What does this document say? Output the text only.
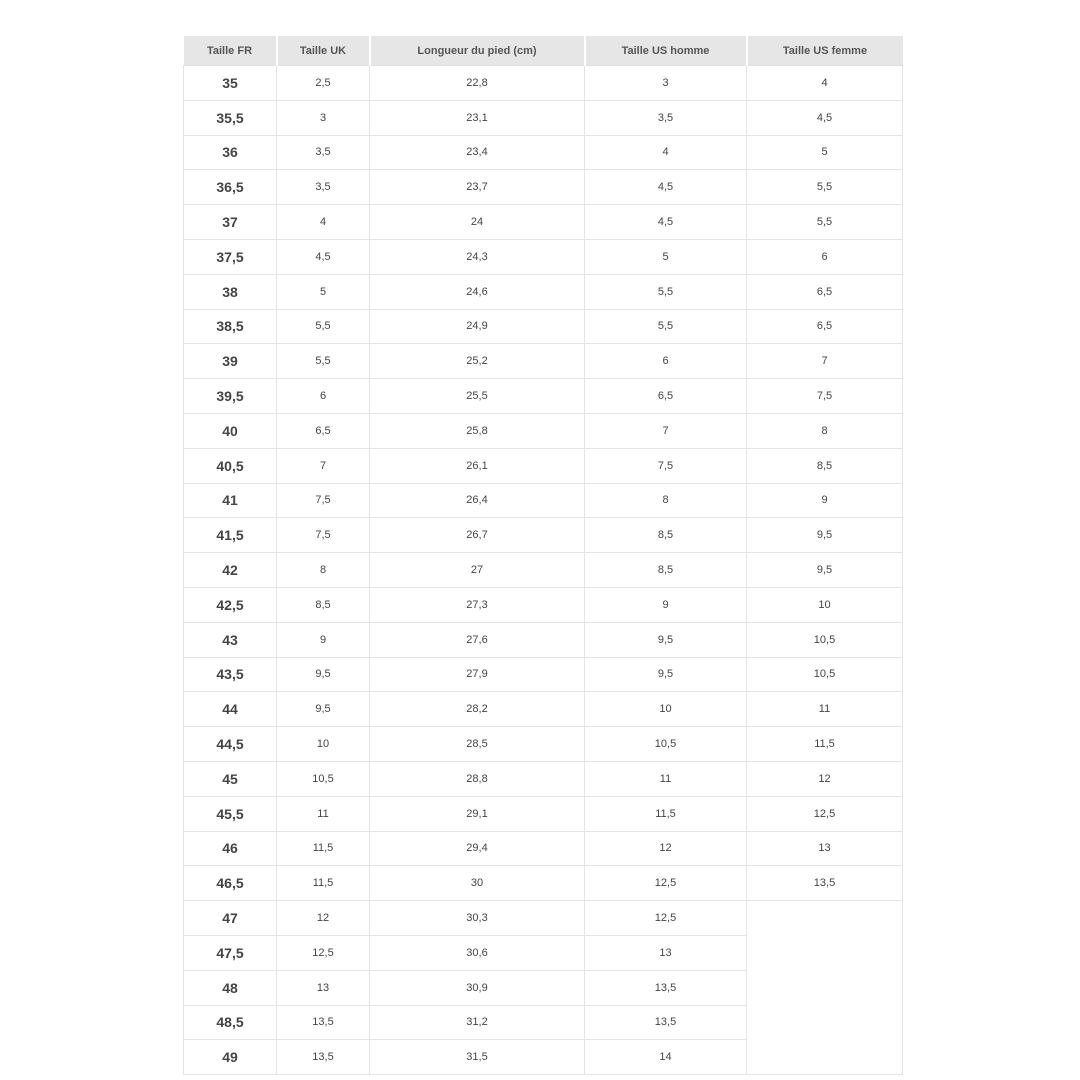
Taille FR	Taille UK	Longueur du pied (cm)	Taille US homme	Taille US femme
35	2,5	22,8	3	4
35,5	3	23,1	3,5	4,5
36	3,5	23,4	4	5
36,5	3,5	23,7	4,5	5,5
37	4	24	4,5	5,5
37,5	4,5	24,3	5	6
38	5	24,6	5,5	6,5
38,5	5,5	24,9	5,5	6,5
39	5,5	25,2	6	7
39,5	6	25,5	6,5	7,5
40	6,5	25,8	7	8
40,5	7	26,1	7,5	8,5
41	7,5	26,4	8	9
41,5	7,5	26,7	8,5	9,5
42	8	27	8,5	9,5
42,5	8,5	27,3	9	10
43	9	27,6	9,5	10,5
43,5	9,5	27,9	9,5	10,5
44	9,5	28,2	10	11
44,5	10	28,5	10,5	11,5
45	10,5	28,8	11	12
45,5	11	29,1	11,5	12,5
46	11,5	29,4	12	13
46,5	11,5	30	12,5	13,5
47	12	30,3	12,5	
47,5	12,5	30,6	13	
48	13	30,9	13,5	
48,5	13,5	31,2	13,5	
49	13,5	31,5	14	
